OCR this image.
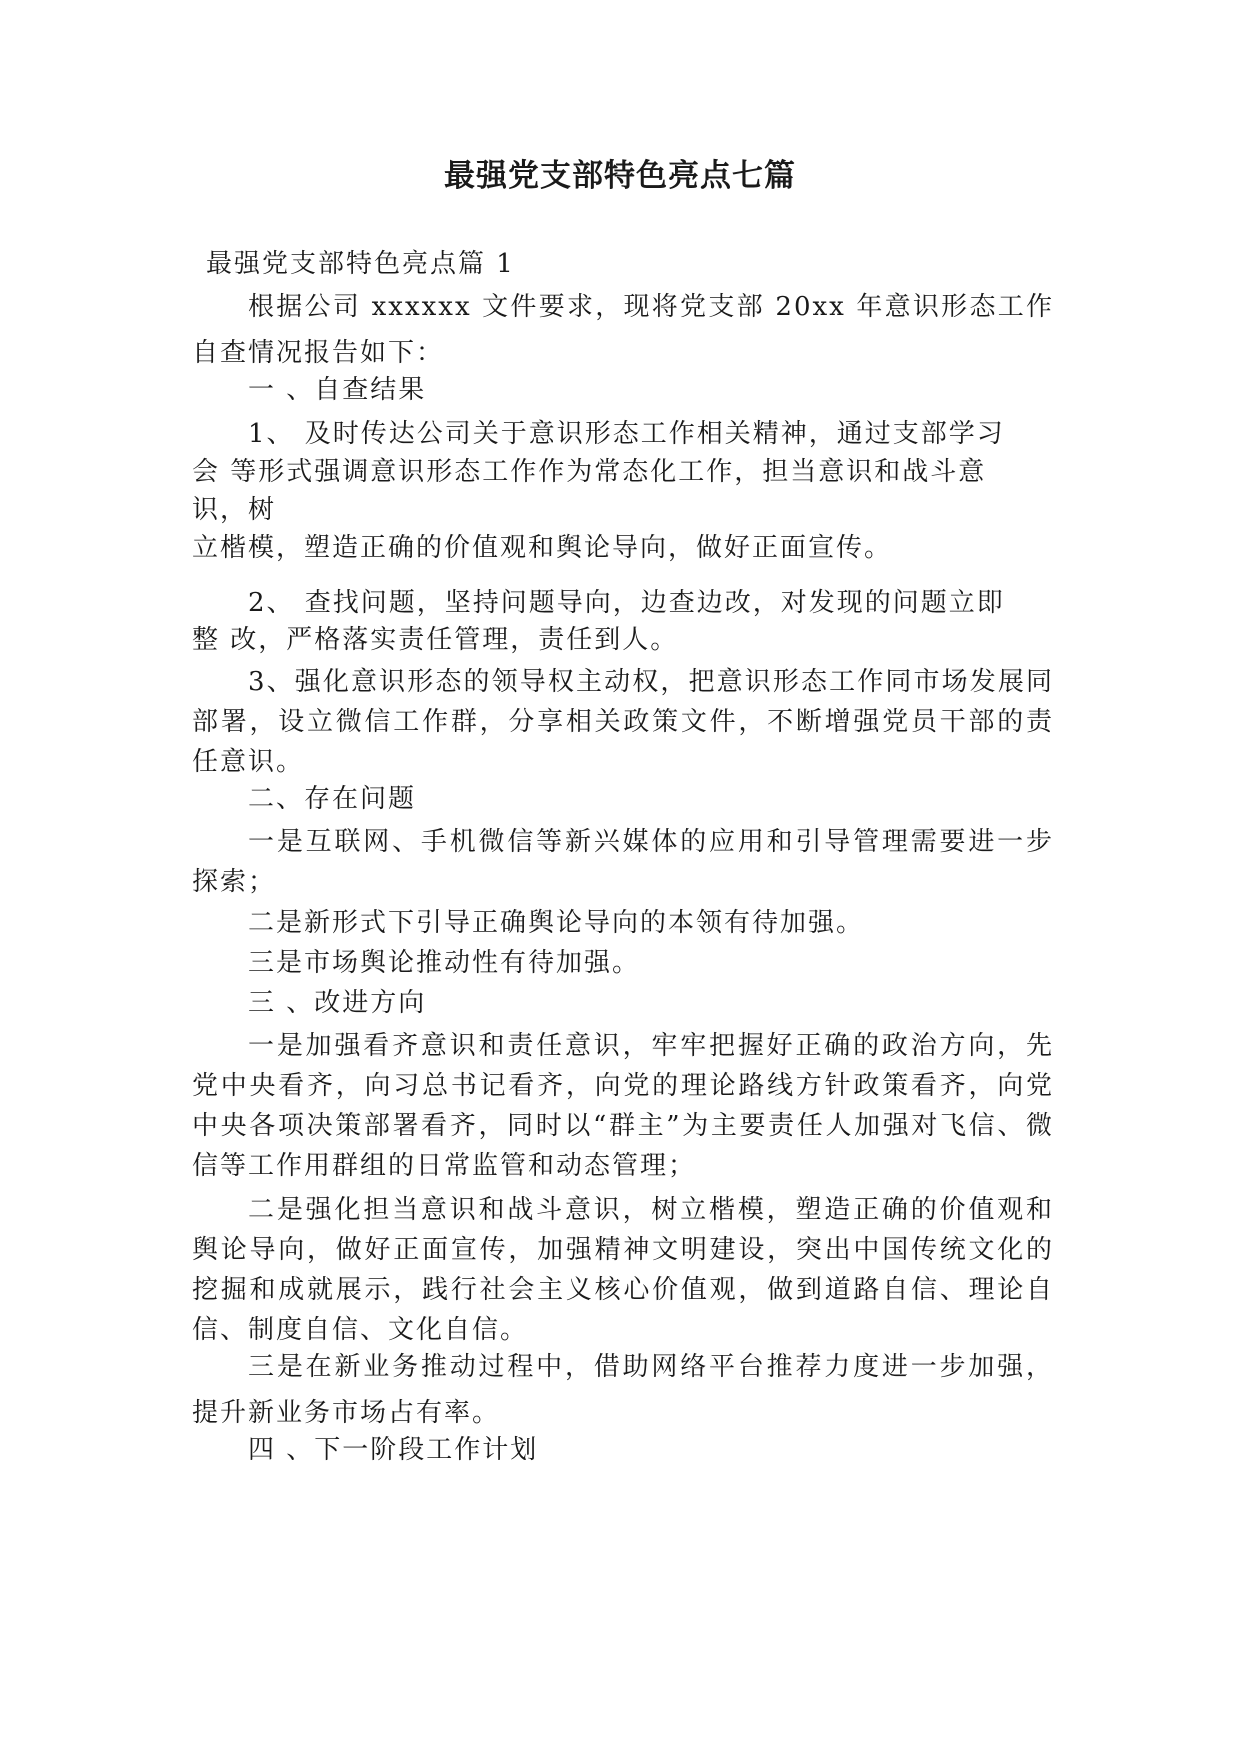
最强党支部特色亮点七篇
最强党支部特色亮点篇 1
根据公司 xxxxxx 文件要求，现将党支部 20xx 年意识形态工作自查情况报告如下：
一 、自查结果
1、 及时传达公司关于意识形态工作相关精神，通过支部学习
会 等形式强调意识形态工作作为常态化工作，担当意识和战斗意
识，树
立楷模，塑造正确的价值观和舆论导向，做好正面宣传。
2、 查找问题，坚持问题导向，边查边改，对发现的问题立即
整 改，严格落实责任管理，责任到人。
3、强化意识形态的领导权主动权，把意识形态工作同市场发展同部署，设立微信工作群，分享相关政策文件，不断增强党员干部的责任意识。
二、存在问题
一是互联网、手机微信等新兴媒体的应用和引导管理需要进一步探索；
二是新形式下引导正确舆论导向的本领有待加强。
三是市场舆论推动性有待加强。
三 、改进方向
一是加强看齐意识和责任意识，牢牢把握好正确的政治方向，先党中央看齐，向习总书记看齐，向党的理论路线方针政策看齐，向党中央各项决策部署看齐，同时以“群主”为主要责任人加强对飞信、微信等工作用群组的日常监管和动态管理；
二是强化担当意识和战斗意识，树立楷模，塑造正确的价值观和舆论导向，做好正面宣传，加强精神文明建设，突出中国传统文化的挖掘和成就展示，践行社会主义核心价值观，做到道路自信、理论自信、制度自信、文化自信。
三是在新业务推动过程中，借助网络平台推荐力度进一步加强，提升新业务市场占有率。
四 、下一阶段工作计划
